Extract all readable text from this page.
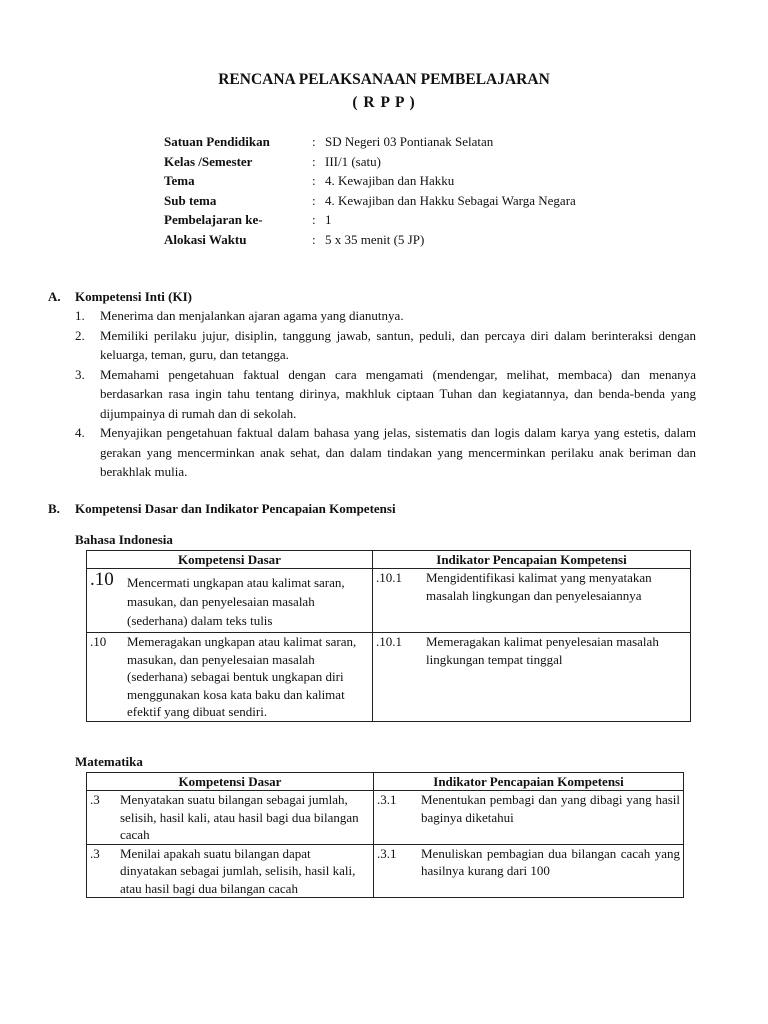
RENCANA PELAKSANAAN PEMBELAJARAN
( R P P )
Satuan Pendidikan	: SD Negeri 03 Pontianak Selatan
Kelas /Semester	: III/1 (satu)
Tema	: 4. Kewajiban dan Hakku
Sub tema	: 4. Kewajiban dan Hakku Sebagai Warga Negara
Pembelajaran ke-	: 1
Alokasi Waktu	: 5 x 35 menit (5 JP)
A. Kompetensi Inti (KI)
1.	Menerima dan menjalankan ajaran agama yang dianutnya.
2.	Memiliki perilaku jujur, disiplin, tanggung jawab, santun, peduli, dan percaya diri dalam berinteraksi dengan keluarga, teman, guru, dan tetangga.
3.	Memahami pengetahuan faktual dengan cara mengamati (mendengar, melihat, membaca) dan menanya berdasarkan rasa ingin tahu tentang dirinya, makhluk ciptaan Tuhan dan kegiatannya, dan benda-benda yang dijumpainya di rumah dan di sekolah.
4.	Menyajikan pengetahuan faktual dalam bahasa yang jelas, sistematis dan logis dalam karya yang estetis, dalam gerakan yang mencerminkan anak sehat, dan dalam tindakan yang mencerminkan perilaku anak beriman dan berakhlak mulia.
B. Kompetensi Dasar dan Indikator Pencapaian Kompetensi
Bahasa Indonesia
Kompetensi Dasar	Indikator Pencapaian Kompetensi

.10 Mencermati ungkapan atau kalimat saran, masukan, dan penyelesaian masalah (sederhana) dalam teks tulis	.10.1 Mengidentifikasi kalimat yang menyatakan masalah lingkungan dan penyelesaiannya

.10 Memeragakan ungkapan atau kalimat saran, masukan, dan penyelesaian masalah (sederhana) sebagai bentuk ungkapan diri menggunakan kosa kata baku dan kalimat efektif yang dibuat sendiri.	.10.1 Memeragakan kalimat penyelesaian masalah lingkungan tempat tinggal
Matematika
Kompetensi Dasar	Indikator Pencapaian Kompetensi

.3 Menyatakan suatu bilangan sebagai jumlah, selisih, hasil kali, atau hasil bagi dua bilangan cacah	.3.1 Menentukan pembagi dan yang dibagi yang hasil baginya diketahui

.3 Menilai apakah suatu bilangan dapat dinyatakan sebagai jumlah, selisih, hasil kali, atau hasil bagi dua bilangan cacah	.3.1 Menuliskan pembagian dua bilangan cacah yang hasilnya kurang dari 100
